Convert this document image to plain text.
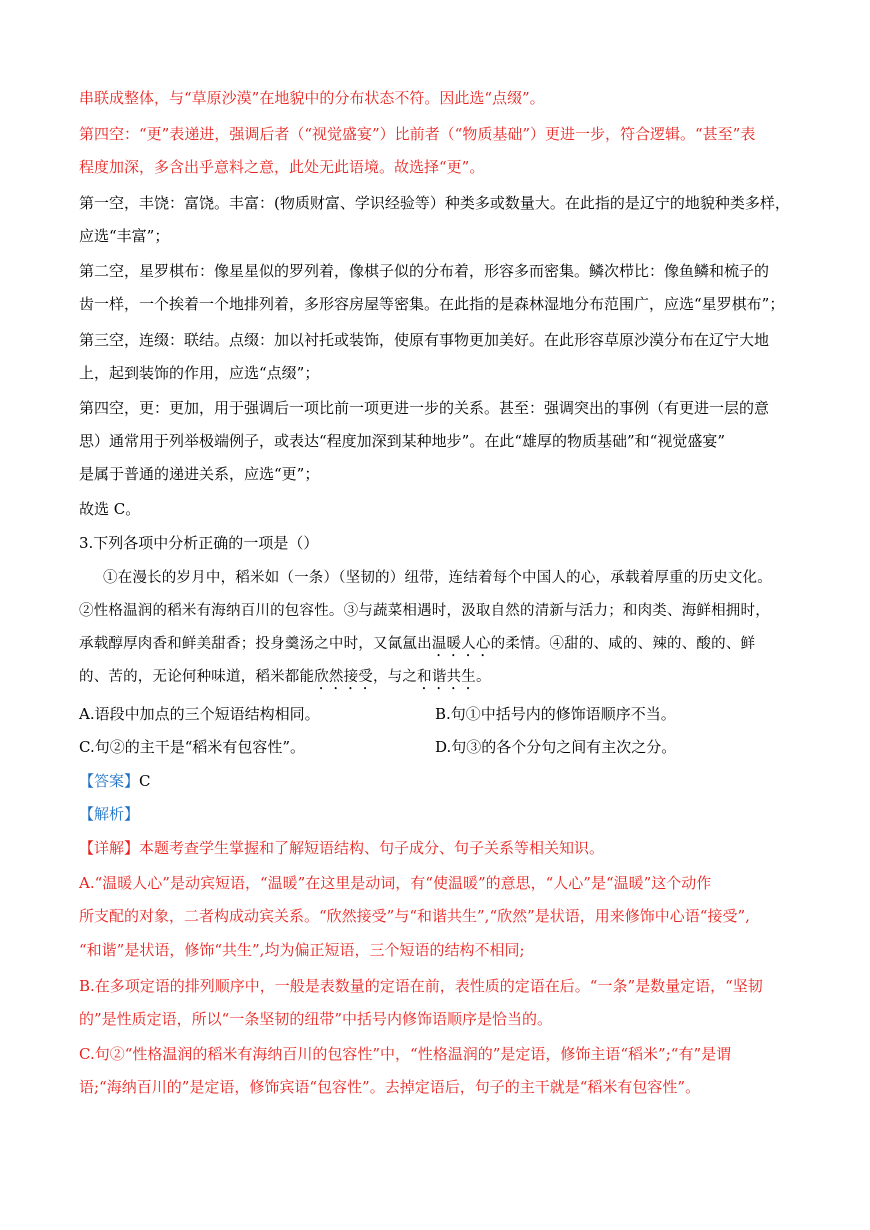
串联成整体，与“草原沙漠”在地貌中的分布状态不符。因此选“点缀”。
第四空：“更”表递进，强调后者（“视觉盛宴”）比前者（“物质基础”）更进一步，符合逻辑。“甚至”表
程度加深，多含出乎意料之意，此处无此语境。故选择“更”。
第一空，丰饶：富饶。丰富：(物质财富、学识经验等）种类多或数量大。在此指的是辽宁的地貌种类多样，
应选“丰富”；
第二空，星罗棋布：像星星似的罗列着，像棋子似的分布着，形容多而密集。鳞次栉比：像鱼鳞和梳子的
齿一样，一个挨着一个地排列着，多形容房屋等密集。在此指的是森林湿地分布范围广，应选“星罗棋布”；
第三空，连缀：联结。点缀：加以衬托或装饰，使原有事物更加美好。在此形容草原沙漠分布在辽宁大地
上，起到装饰的作用，应选“点缀”；
第四空，更：更加，用于强调后一项比前一项更进一步的关系。甚至：强调突出的事例（有更进一层的意
思）通常用于列举极端例子，或表达“程度加深到某种地步”。在此“雄厚的物质基础”和“视觉盛宴”
是属于普通的递进关系，应选“更”；
故选 C。
3.下列各项中分析正确的一项是（）
①在漫长的岁月中，稻米如（一条）（坚韧的）纽带，连结着每个中国人的心，承载着厚重的历史文化。
②性格温润的稻米有海纳百川的包容性。③与蔬菜相遇时，汲取自然的清新与活力；和肉类、海鲜相拥时，
承载醇厚肉香和鲜美甜香；投身羹汤之中时，又氤氲出温暖人心的柔情。④甜的、咸的、辣的、酸的、鲜
的、苦的，无论何种味道，稻米都能欣然接受，与之和谐共生。
A.语段中加点的三个短语结构相同。	B.句①中括号内的修饰语顺序不当。
C.句②的主干是“稻米有包容性”。	D.句③的各个分句之间有主次之分。
【答案】C
【解析】
【详解】本题考查学生掌握和了解短语结构、句子成分、句子关系等相关知识。
A.“温暖人心”是动宾短语，“温暖”在这里是动词，有“使温暖”的意思，“人心”是“温暖”这个动作
所支配的对象，二者构成动宾关系。“欣然接受”与“和谐共生”,“欣然”是状语，用来修饰中心语“接受”,
“和谐”是状语，修饰“共生”,均为偏正短语，三个短语的结构不相同;
B.在多项定语的排列顺序中，一般是表数量的定语在前，表性质的定语在后。“一条”是数量定语，“坚韧
的”是性质定语，所以“一条坚韧的纽带”中括号内修饰语顺序是恰当的。
C.句②“性格温润的稻米有海纳百川的包容性”中，“性格温润的”是定语，修饰主语“稻米”;“有”是谓
语;“海纳百川的”是定语，修饰宾语“包容性”。去掉定语后，句子的主干就是“稻米有包容性”。
